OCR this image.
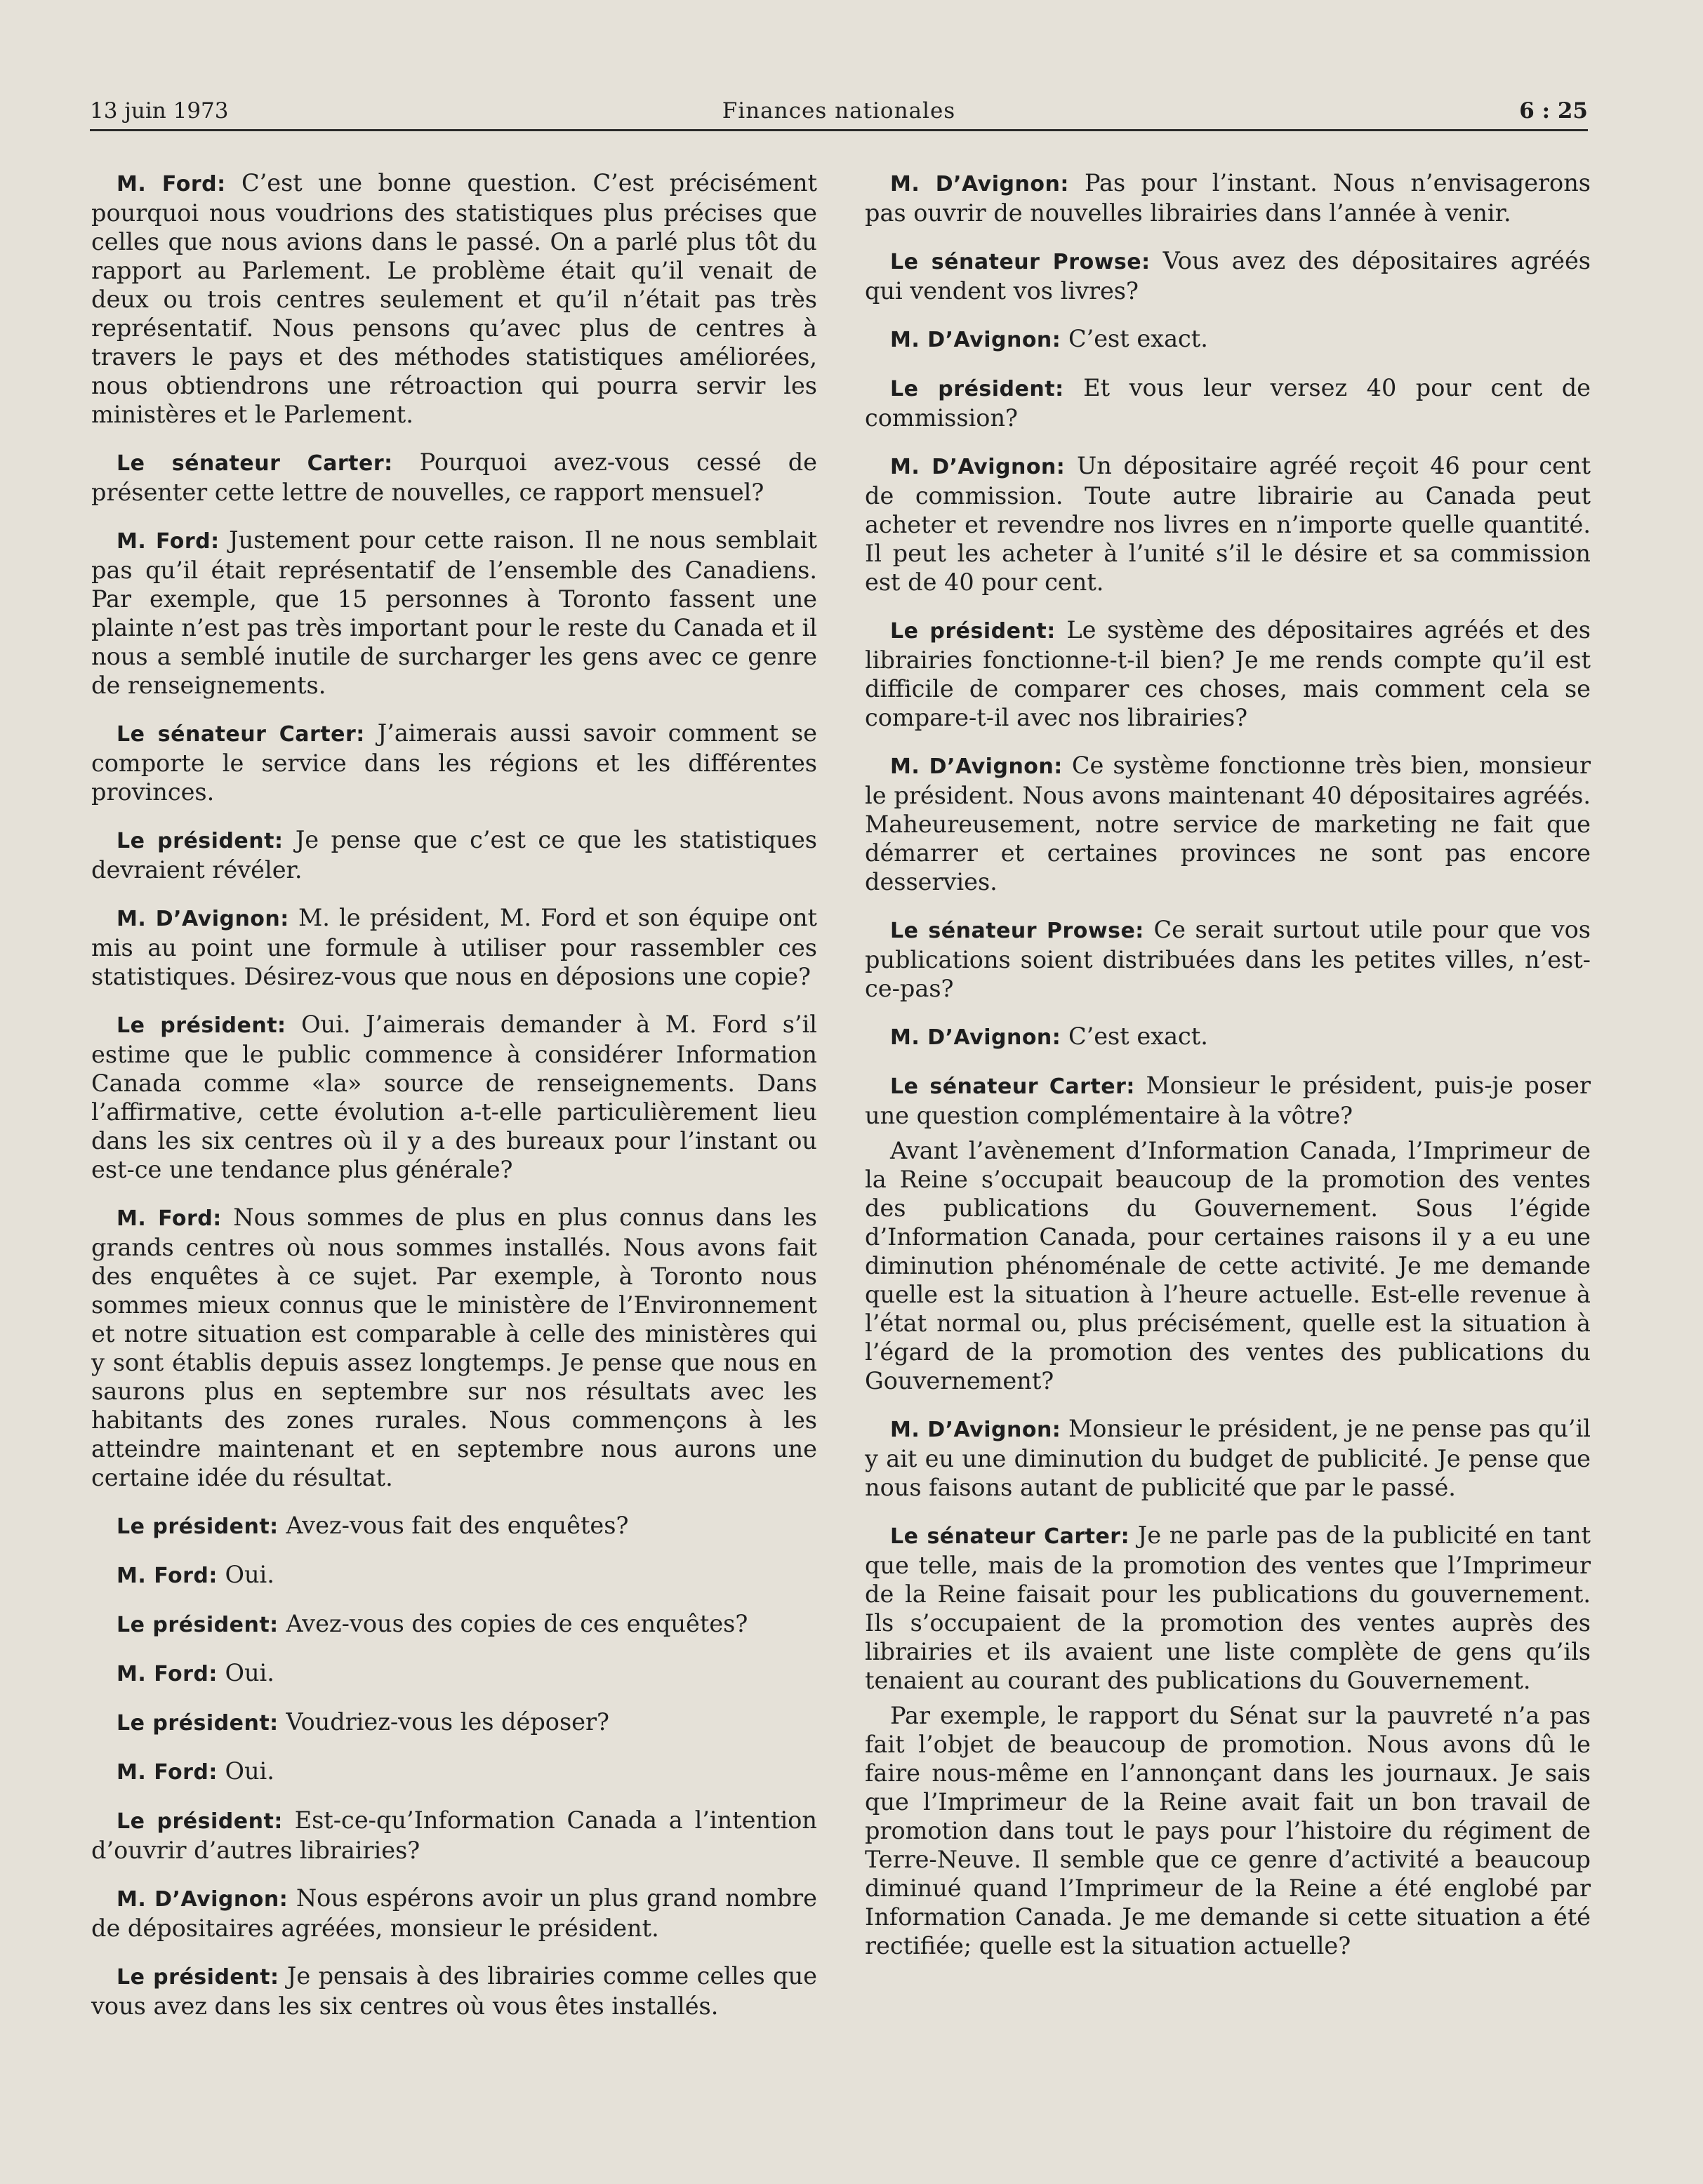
13 juin 1973	Finances nationales	6 : 25

M. Ford: C’est une bonne question. C’est précisément pourquoi nous voudrions des statistiques plus précises que celles que nous avions dans le passé. On a parlé plus tôt du rapport au Parlement. Le problème était qu’il venait de deux ou trois centres seulement et qu’il n’était pas très représentatif. Nous pensons qu’avec plus de centres à travers le pays et des méthodes statistiques améliorées, nous obtiendrons une rétroaction qui pourra servir les ministères et le Parlement.

Le sénateur Carter: Pourquoi avez-vous cessé de présenter cette lettre de nouvelles, ce rapport mensuel?

M. Ford: Justement pour cette raison. Il ne nous semblait pas qu’il était représentatif de l’ensemble des Canadiens. Par exemple, que 15 personnes à Toronto fassent une plainte n’est pas très important pour le reste du Canada et il nous a semblé inutile de surcharger les gens avec ce genre de renseignements.

Le sénateur Carter: J’aimerais aussi savoir comment se comporte le service dans les régions et les différentes provinces.

Le président: Je pense que c’est ce que les statistiques devraient révéler.

M. D’Avignon: M. le président, M. Ford et son équipe ont mis au point une formule à utiliser pour rassembler ces statistiques. Désirez-vous que nous en déposions une copie?

Le président: Oui. J’aimerais demander à M. Ford s’il estime que le public commence à considérer Information Canada comme «la» source de renseignements. Dans l’affirmative, cette évolution a-t-elle particulièrement lieu dans les six centres où il y a des bureaux pour l’instant ou est-ce une tendance plus générale?

M. Ford: Nous sommes de plus en plus connus dans les grands centres où nous sommes installés. Nous avons fait des enquêtes à ce sujet. Par exemple, à Toronto nous sommes mieux connus que le ministère de l’Environnement et notre situation est comparable à celle des ministères qui y sont établis depuis assez longtemps. Je pense que nous en saurons plus en septembre sur nos résultats avec les habitants des zones rurales. Nous commençons à les atteindre maintenant et en septembre nous aurons une certaine idée du résultat.

Le président: Avez-vous fait des enquêtes?

M. Ford: Oui.

Le président: Avez-vous des copies de ces enquêtes?

M. Ford: Oui.

Le président: Voudriez-vous les déposer?

M. Ford: Oui.

Le président: Est-ce-qu’Information Canada a l’intention d’ouvrir d’autres librairies?

M. D’Avignon: Nous espérons avoir un plus grand nombre de dépositaires agréées, monsieur le président.

Le président: Je pensais à des librairies comme celles que vous avez dans les six centres où vous êtes installés.

M. D’Avignon: Pas pour l’instant. Nous n’envisagerons pas ouvrir de nouvelles librairies dans l’année à venir.

Le sénateur Prowse: Vous avez des dépositaires agréés qui vendent vos livres?

M. D’Avignon: C’est exact.

Le président: Et vous leur versez 40 pour cent de commission?

M. D’Avignon: Un dépositaire agréé reçoit 46 pour cent de commission. Toute autre librairie au Canada peut acheter et revendre nos livres en n’importe quelle quantité. Il peut les acheter à l’unité s’il le désire et sa commission est de 40 pour cent.

Le président: Le système des dépositaires agréés et des librairies fonctionne-t-il bien? Je me rends compte qu’il est difficile de comparer ces choses, mais comment cela se compare-t-il avec nos librairies?

M. D’Avignon: Ce système fonctionne très bien, monsieur le président. Nous avons maintenant 40 dépositaires agréés. Maheureusement, notre service de marketing ne fait que démarrer et certaines provinces ne sont pas encore desservies.

Le sénateur Prowse: Ce serait surtout utile pour que vos publications soient distribuées dans les petites villes, n’est-ce-pas?

M. D’Avignon: C’est exact.

Le sénateur Carter: Monsieur le président, puis-je poser une question complémentaire à la vôtre?

Avant l’avènement d’Information Canada, l’Imprimeur de la Reine s’occupait beaucoup de la promotion des ventes des publications du Gouvernement. Sous l’égide d’Information Canada, pour certaines raisons il y a eu une diminution phénoménale de cette activité. Je me demande quelle est la situation à l’heure actuelle. Est-elle revenue à l’état normal ou, plus précisément, quelle est la situation à l’égard de la promotion des ventes des publications du Gouvernement?

M. D’Avignon: Monsieur le président, je ne pense pas qu’il y ait eu une diminution du budget de publicité. Je pense que nous faisons autant de publicité que par le passé.

Le sénateur Carter: Je ne parle pas de la publicité en tant que telle, mais de la promotion des ventes que l’Imprimeur de la Reine faisait pour les publications du gouvernement. Ils s’occupaient de la promotion des ventes auprès des librairies et ils avaient une liste complète de gens qu’ils tenaient au courant des publications du Gouvernement.

Par exemple, le rapport du Sénat sur la pauvreté n’a pas fait l’objet de beaucoup de promotion. Nous avons dû le faire nous-même en l’annonçant dans les journaux. Je sais que l’Imprimeur de la Reine avait fait un bon travail de promotion dans tout le pays pour l’histoire du régiment de Terre-Neuve. Il semble que ce genre d’activité a beaucoup diminué quand l’Imprimeur de la Reine a été englobé par Information Canada. Je me demande si cette situation a été rectifiée; quelle est la situation actuelle?
